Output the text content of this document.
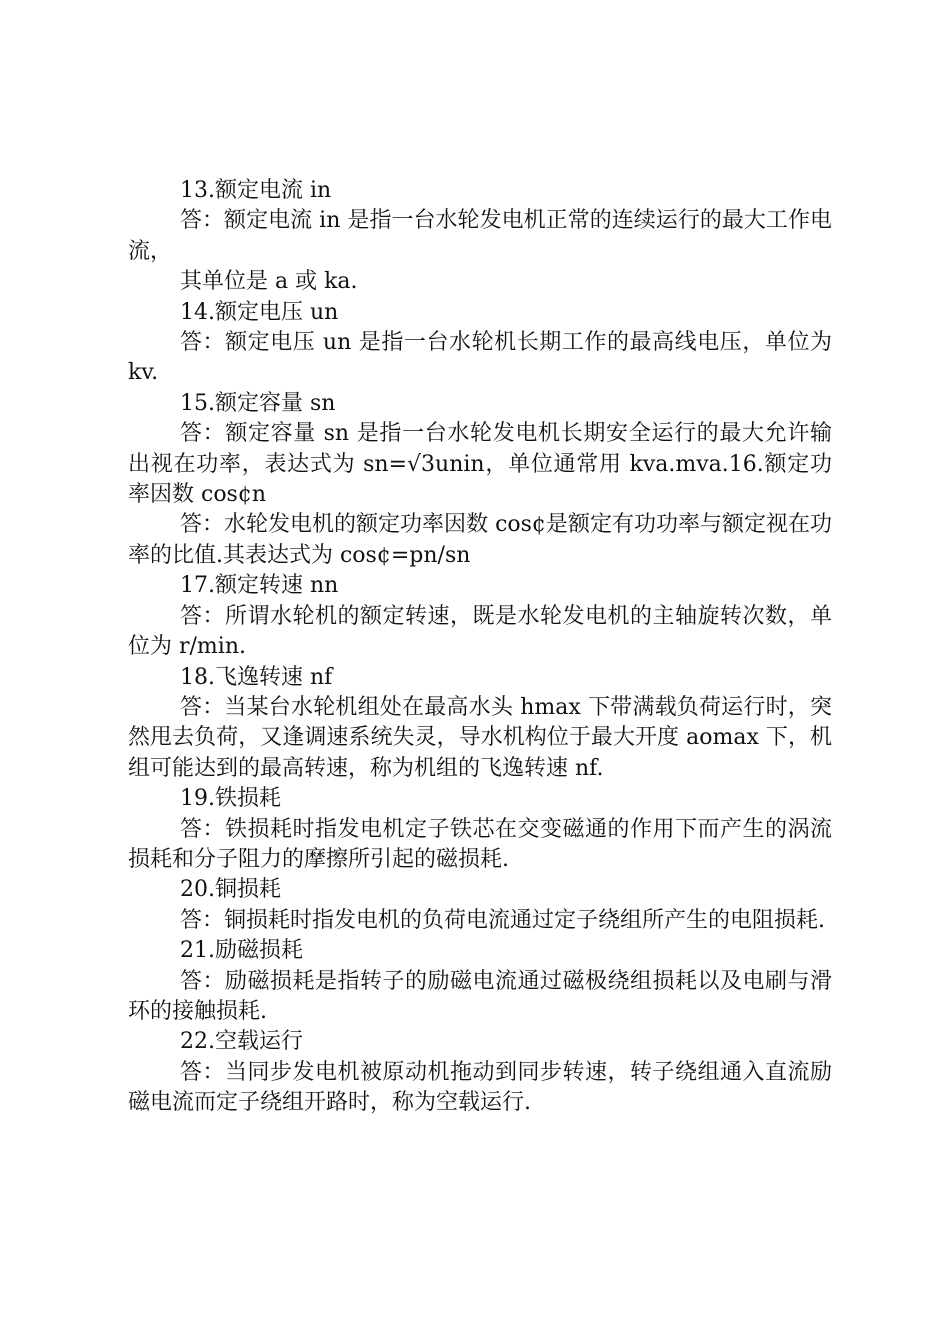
13.额定电流 in

答：额定电流 in 是指一台水轮发电机正常的连续运行的最大工作电流，

其单位是 a 或 ka.

14.额定电压 un

答：额定电压 un 是指一台水轮机长期工作的最高线电压，单位为 kv.

15.额定容量 sn

答：额定容量 sn 是指一台水轮发电机长期安全运行的最大允许输出视在功率，表达式为 sn=√3unin，单位通常用 kva.mva.16.额定功率因数 cos¢n

答：水轮发电机的额定功率因数 cos¢是额定有功功率与额定视在功率的比值.其表达式为 cos¢=pn/sn

17.额定转速 nn

答：所谓水轮机的额定转速，既是水轮发电机的主轴旋转次数，单位为 r/min.

18.飞逸转速 nf

答：当某台水轮机组处在最高水头 hmax 下带满载负荷运行时，突然甩去负荷，又逢调速系统失灵，导水机构位于最大开度 aomax 下，机组可能达到的最高转速，称为机组的飞逸转速 nf.

19.铁损耗

答：铁损耗时指发电机定子铁芯在交变磁通的作用下而产生的涡流损耗和分子阻力的摩擦所引起的磁损耗.

20.铜损耗

答：铜损耗时指发电机的负荷电流通过定子绕组所产生的电阻损耗.

21.励磁损耗

答：励磁损耗是指转子的励磁电流通过磁极绕组损耗以及电刷与滑环的接触损耗.

22.空载运行

答：当同步发电机被原动机拖动到同步转速，转子绕组通入直流励磁电流而定子绕组开路时，称为空载运行.
